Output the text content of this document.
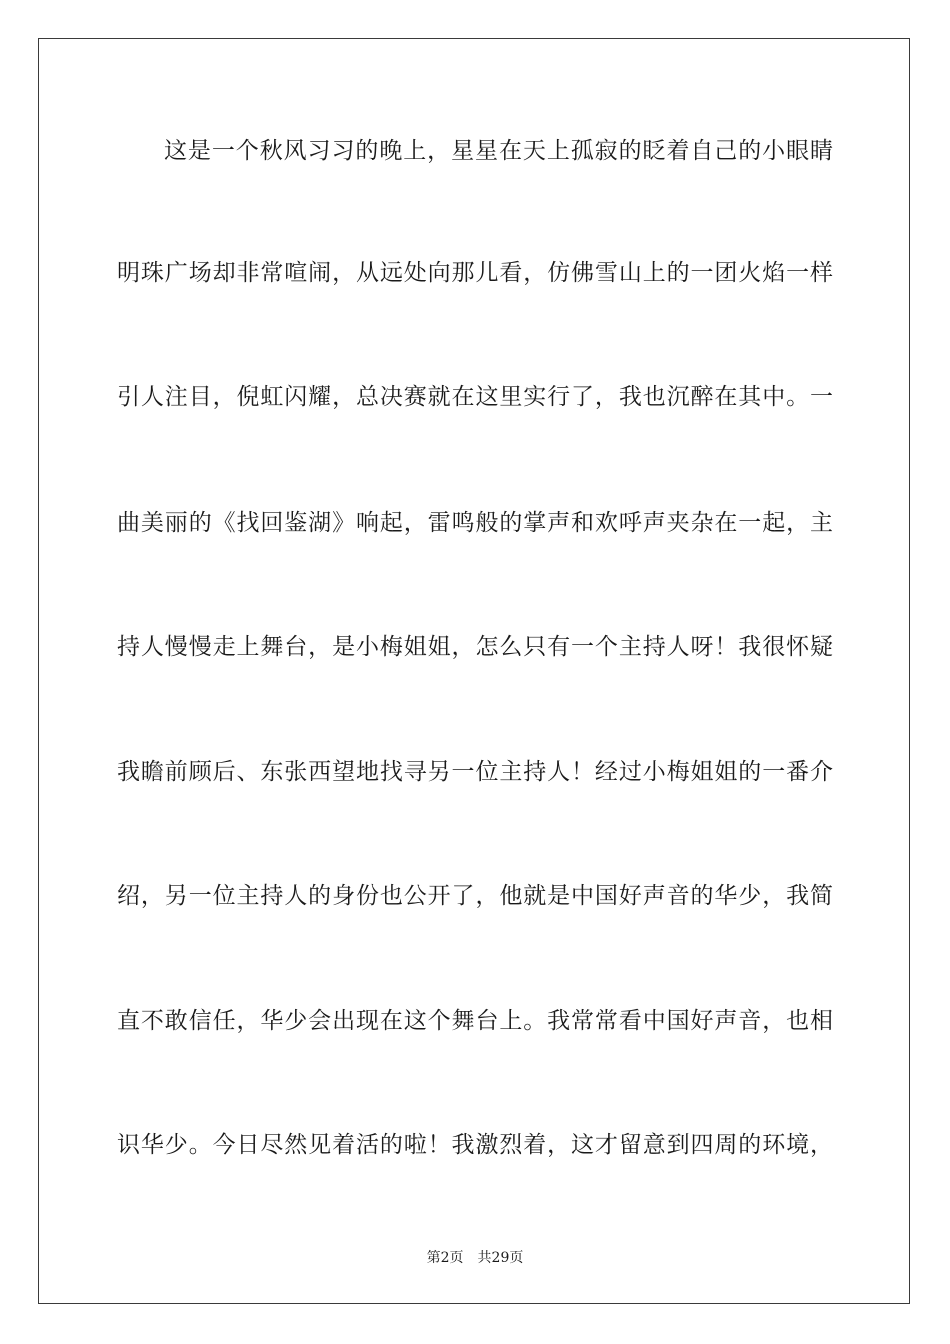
这是一个秋风习习的晚上，星星在天上孤寂的眨着自己的小眼睛
明珠广场却非常喧闹，从远处向那儿看，仿佛雪山上的一团火焰一样
引人注目，倪虹闪耀，总决赛就在这里实行了，我也沉醉在其中。一
曲美丽的《找回鉴湖》响起，雷鸣般的掌声和欢呼声夹杂在一起，主
持人慢慢走上舞台，是小梅姐姐，怎么只有一个主持人呀！我很怀疑
我瞻前顾后、东张西望地找寻另一位主持人！经过小梅姐姐的一番介
绍，另一位主持人的身份也公开了，他就是中国好声音的华少，我简
直不敢信任，华少会出现在这个舞台上。我常常看中国好声音，也相
识华少。今日尽然见着活的啦！我激烈着，这才留意到四周的环境，
第2页 共29页
